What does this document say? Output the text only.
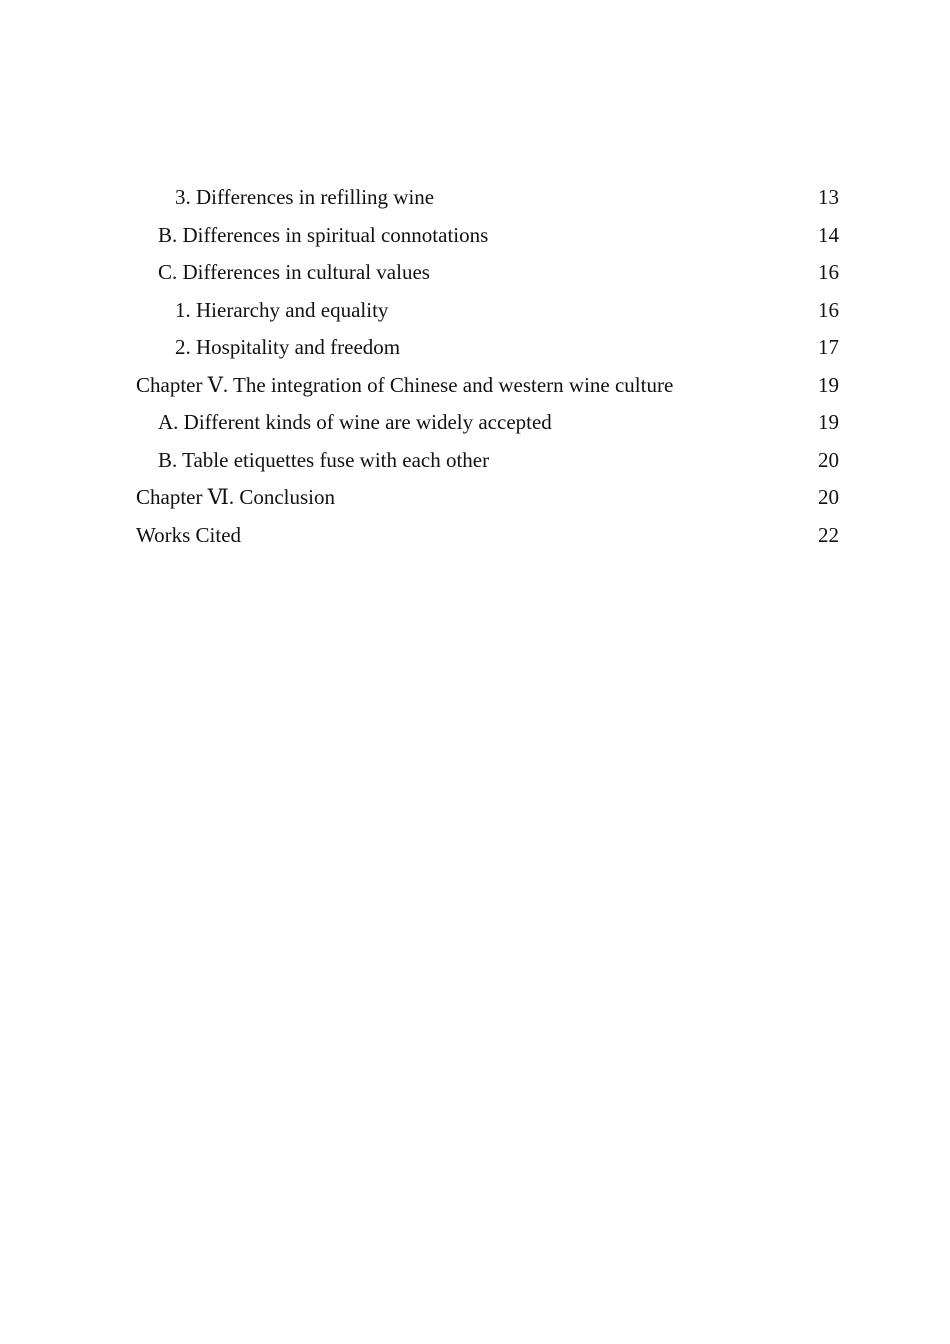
3. Differences in refilling wine	13
B. Differences in spiritual connotations	14
C. Differences in cultural values	16
1. Hierarchy and equality	16
2. Hospitality and freedom	17
Chapter Ⅴ. The integration of Chinese and western wine culture	19
A. Different kinds of wine are widely accepted	19
B. Table etiquettes fuse with each other	20
Chapter Ⅵ. Conclusion	20
Works Cited	22
